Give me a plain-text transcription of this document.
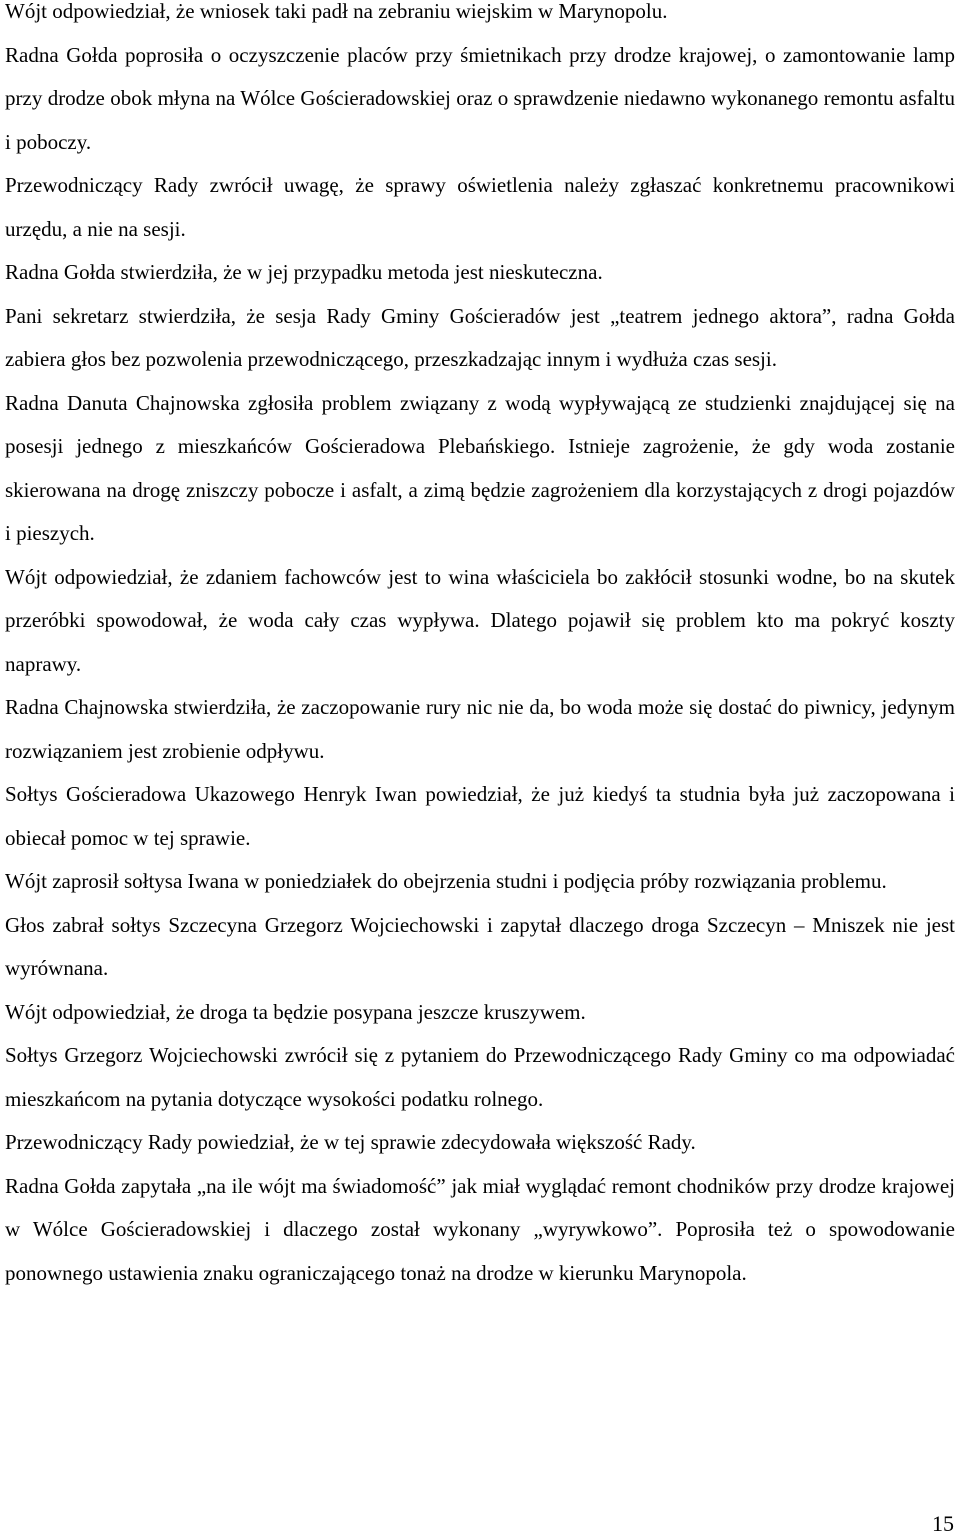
Wójt odpowiedział, że wniosek taki padł na zebraniu wiejskim w Marynopolu.

Radna Gołda poprosiła o oczyszczenie placów przy śmietnikach przy drodze krajowej, o zamontowanie lamp przy drodze obok młyna na Wólce Gościeradowskiej oraz o sprawdzenie niedawno wykonanego remontu asfaltu i poboczy.

Przewodniczący Rady zwrócił uwagę, że sprawy oświetlenia należy zgłaszać konkretnemu pracownikowi urzędu, a nie na sesji.

Radna Gołda stwierdziła, że w jej przypadku metoda jest nieskuteczna.

Pani sekretarz stwierdziła, że sesja Rady Gminy Gościeradów jest „teatrem jednego aktora”, radna Gołda zabiera głos bez pozwolenia przewodniczącego, przeszkadzając innym i wydłuża czas sesji.

Radna Danuta Chajnowska zgłosiła problem związany z wodą wypływającą ze studzienki znajdującej się na posesji jednego z mieszkańców Gościeradowa Plebańskiego. Istnieje zagrożenie, że gdy woda zostanie skierowana na drogę zniszczy pobocze i asfalt, a zimą będzie zagrożeniem dla korzystających z drogi pojazdów i pieszych.

Wójt odpowiedział, że zdaniem fachowców jest to wina właściciela bo zakłócił stosunki wodne, bo na skutek przeróbki spowodował, że woda cały czas wypływa. Dlatego pojawił się problem kto ma pokryć koszty naprawy.

Radna Chajnowska stwierdziła, że zaczopowanie rury nic nie da, bo woda może się dostać do piwnicy, jedynym rozwiązaniem jest zrobienie odpływu.

Sołtys Gościeradowa Ukazowego Henryk Iwan powiedział, że już kiedyś ta studnia była już zaczopowana i obiecał pomoc w tej sprawie.

Wójt zaprosił sołtysa Iwana w poniedziałek do obejrzenia studni i podjęcia próby rozwiązania problemu.

Głos zabrał sołtys Szczecyna Grzegorz Wojciechowski i zapytał dlaczego droga Szczecyn – Mniszek nie jest wyrównana.

Wójt odpowiedział, że droga ta będzie posypana jeszcze kruszywem.

Sołtys Grzegorz Wojciechowski zwrócił się z pytaniem do Przewodniczącego Rady Gminy co ma odpowiadać mieszkańcom na pytania dotyczące wysokości podatku rolnego.

Przewodniczący Rady powiedział, że w tej sprawie zdecydowała większość Rady.

Radna Gołda zapytała „na ile wójt ma świadomość” jak miał wyglądać remont chodników przy drodze krajowej w Wólce Gościeradowskiej i dlaczego został wykonany „wyrywkowo”. Poprosiła też o spowodowanie ponownego ustawienia znaku ograniczającego tonaż na drodze w kierunku Marynopola.

15
